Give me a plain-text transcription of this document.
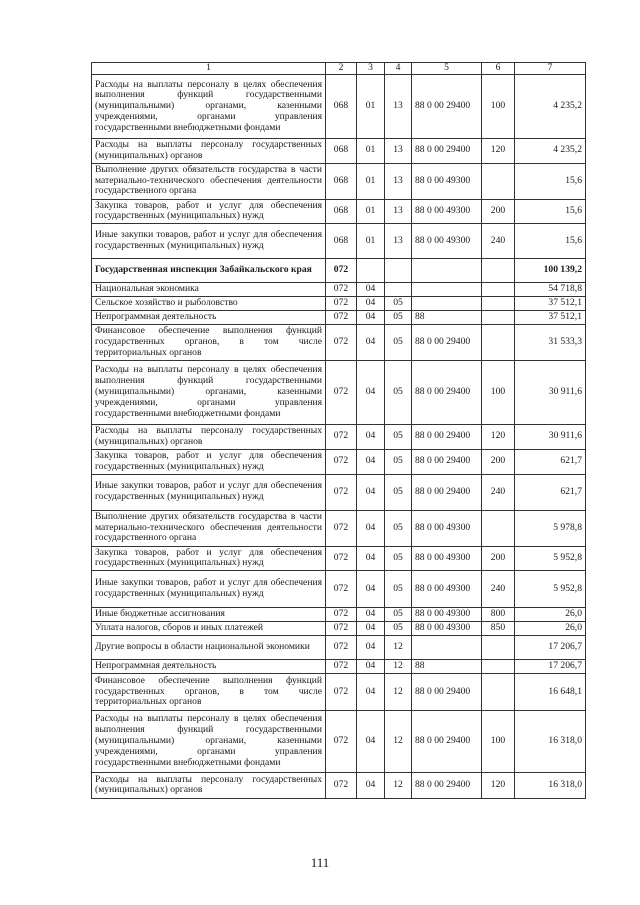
1	2	3	4	5	6	7
Расходы на выплаты персоналу в целях обеспечения выполнения функций государственными (муниципальными) органами, казенными учреждениями, органами управления государственными внебюджетными фондами	068	01	13	88 0 00 29400	100	4 235,2
Расходы на выплаты персоналу государственных (муниципальных) органов	068	01	13	88 0 00 29400	120	4 235,2
Выполнение других обязательств государства в части материально-технического обеспечения деятельности государственного органа	068	01	13	88 0 00 49300		15,6
Закупка товаров, работ и услуг для обеспечения государственных (муниципальных) нужд	068	01	13	88 0 00 49300	200	15,6
Иные закупки товаров, работ и услуг для обеспечения государственных (муниципальных) нужд	068	01	13	88 0 00 49300	240	15,6
Государственная инспекция Забайкальского края	072					100 139,2
Национальная экономика	072	04				54 718,8
Сельское хозяйство и рыболовство	072	04	05			37 512,1
Непрограммная деятельность	072	04	05	88		37 512,1
Финансовое обеспечение выполнения функций государственных органов, в том числе территориальных органов	072	04	05	88 0 00 29400		31 533,3
Расходы на выплаты персоналу в целях обеспечения выполнения функций государственными (муниципальными) органами, казенными учреждениями, органами управления государственными внебюджетными фондами	072	04	05	88 0 00 29400	100	30 911,6
Расходы на выплаты персоналу государственных (муниципальных) органов	072	04	05	88 0 00 29400	120	30 911,6
Закупка товаров, работ и услуг для обеспечения государственных (муниципальных) нужд	072	04	05	88 0 00 29400	200	621,7
Иные закупки товаров, работ и услуг для обеспечения государственных (муниципальных) нужд	072	04	05	88 0 00 29400	240	621,7
Выполнение других обязательств государства в части материально-технического обеспечения деятельности государственного органа	072	04	05	88 0 00 49300		5 978,8
Закупка товаров, работ и услуг для обеспечения государственных (муниципальных) нужд	072	04	05	88 0 00 49300	200	5 952,8
Иные закупки товаров, работ и услуг для обеспечения государственных (муниципальных) нужд	072	04	05	88 0 00 49300	240	5 952,8
Иные бюджетные ассигнования	072	04	05	88 0 00 49300	800	26,0
Уплата налогов, сборов и иных платежей	072	04	05	88 0 00 49300	850	26,0
Другие вопросы в области национальной экономики	072	04	12			17 206,7
Непрограммная деятельность	072	04	12	88		17 206,7
Финансовое обеспечение выполнения функций государственных органов, в том числе территориальных органов	072	04	12	88 0 00 29400		16 648,1
Расходы на выплаты персоналу в целях обеспечения выполнения функций государственными (муниципальными) органами, казенными учреждениями, органами управления государственными внебюджетными фондами	072	04	12	88 0 00 29400	100	16 318,0
Расходы на выплаты персоналу государственных (муниципальных) органов	072	04	12	88 0 00 29400	120	16 318,0
111
